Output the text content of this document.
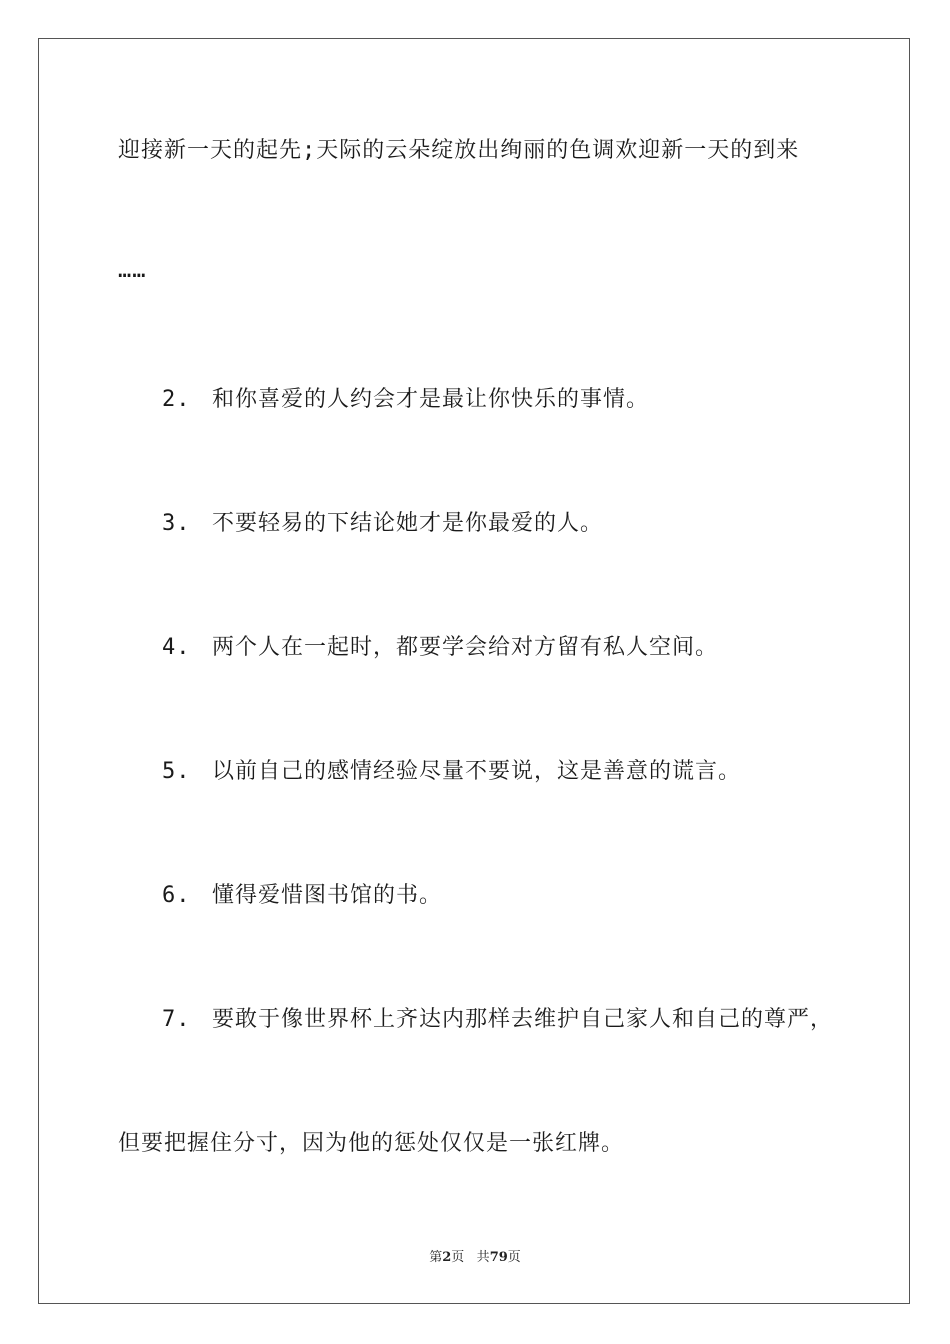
迎接新一天的起先;天际的云朵绽放出绚丽的色调欢迎新一天的到来
……
2. 和你喜爱的人约会才是最让你快乐的事情。
3. 不要轻易的下结论她才是你最爱的人。
4. 两个人在一起时，都要学会给对方留有私人空间。
5. 以前自己的感情经验尽量不要说，这是善意的谎言。
6. 懂得爱惜图书馆的书。
7. 要敢于像世界杯上齐达内那样去维护自己家人和自己的尊严，
但要把握住分寸，因为他的惩处仅仅是一张红牌。
第2页 共79页
